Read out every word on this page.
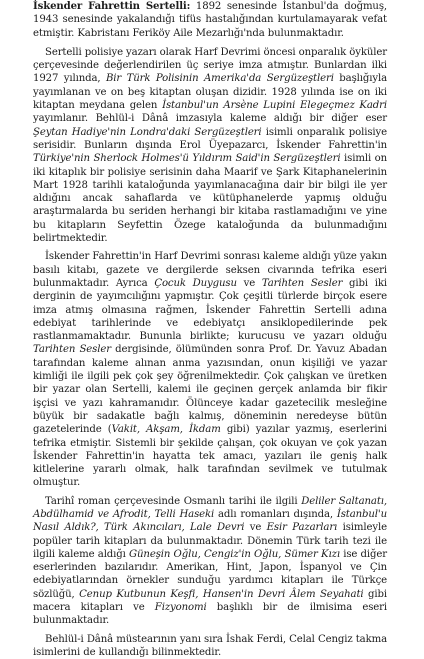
İskender Fahrettin Sertelli: 1892 senesinde İstanbul'da doğmuş, 1943 senesinde yakalandığı tifüs hastalığından kurtulamayarak vefat etmiştir. Kabristanı Feriköy Aile Mezarlığı'nda bulunmaktadır.

Sertelli polisiye yazarı olarak Harf Devrimi öncesi onparalık öyküler çerçevesinde değerlendirilen üç seriye imza atmıştır. Bunlardan ilki 1927 yılında, Bir Türk Polisinin Amerika'da Sergüzeştleri başlığıyla yayımlanan ve on beş kitaptan oluşan dizidir. 1928 yılında ise on iki kitaptan meydana gelen İstanbul'un Arsène Lupini Elegeçmez Kadri yayımlanır. Behlül-i Dânâ imzasıyla kaleme aldığı bir diğer eser Şeytan Hadiye'nin Londra'daki Sergüzeştleri isimli onparalık polisiye serisidir. Bunların dışında Erol Üyepazarcı, İskender Fahrettin'in Türkiye'nin Sherlock Holmes'ü Yıldırım Said'in Sergüzeştleri isimli on iki kitaplık bir polisiye serisinin daha Maarif ve Şark Kitaphanelerinin Mart 1928 tarihli kataloğunda yayımlanacağına dair bir bilgi ile yer aldığını ancak sahaflarda ve kütüphanelerde yapmış olduğu araştırmalarda bu seriden herhangi bir kitaba rastlamadığını ve yine bu kitapların Seyfettin Özege kataloğunda da bulunmadığını belirtmektedir.

İskender Fahrettin'in Harf Devrimi sonrası kaleme aldığı yüze yakın basılı kitabı, gazete ve dergilerde seksen civarında tefrika eseri bulunmaktadır. Ayrıca Çocuk Duygusu ve Tarihten Sesler gibi iki derginin de yayımcılığını yapmıştır. Çok çeşitli türlerde birçok esere imza atmış olmasına rağmen, İskender Fahrettin Sertelli adına edebiyat tarihlerinde ve edebiyatçı ansiklopedilerinde pek rastlanmamaktadır. Bununla birlikte; kurucusu ve yazarı olduğu Tarihten Sesler dergisinde, ölümünden sonra Prof. Dr. Yavuz Abadan tarafından kaleme alınan anma yazısından, onun kişiliği ve yazar kimliği ile ilgili pek çok şey öğrenilmektedir. Çok çalışkan ve üretken bir yazar olan Sertelli, kalemi ile geçinen gerçek anlamda bir fikir işçisi ve yazı kahramanıdır. Ölünceye kadar gazetecilik mesleğine büyük bir sadakatle bağlı kalmış, döneminin neredeyse bütün gazetelerinde (Vakit, Akşam, İkdam gibi) yazılar yazmış, eserlerini tefrika etmiştir. Sistemli bir şekilde çalışan, çok okuyan ve çok yazan İskender Fahrettin'in hayatta tek amacı, yazıları ile geniş halk kitlelerine yararlı olmak, halk tarafından sevilmek ve tutulmak olmuştur.

Tarihî roman çerçevesinde Osmanlı tarihi ile ilgili Deliler Saltanatı, Abdülhamid ve Afrodit, Telli Haseki adlı romanları dışında, İstanbul'u Nasıl Aldık?, Türk Akıncıları, Lale Devri ve Esir Pazarları isimleyle popüler tarih kitapları da bulunmaktadır. Dönemin Türk tarih tezi ile ilgili kaleme aldığı Güneşin Oğlu, Cengiz'in Oğlu, Sümer Kızı ise diğer eserlerinden bazılarıdır. Amerikan, Hint, Japon, İspanyol ve Çin edebiyatlarından örnekler sunduğu yardımcı kitapları ile Türkçe sözlüğü, Cenup Kutbunun Keşfi, Hansen'in Devri Âlem Seyahati gibi macera kitapları ve Fizyonomi başlıklı bir de ilmisima eseri bulunmaktadır.

Behlül-i Dânâ müstearının yanı sıra İshak Ferdi, Celal Cengiz takma isimlerini de kullandığı bilinmektedir.
